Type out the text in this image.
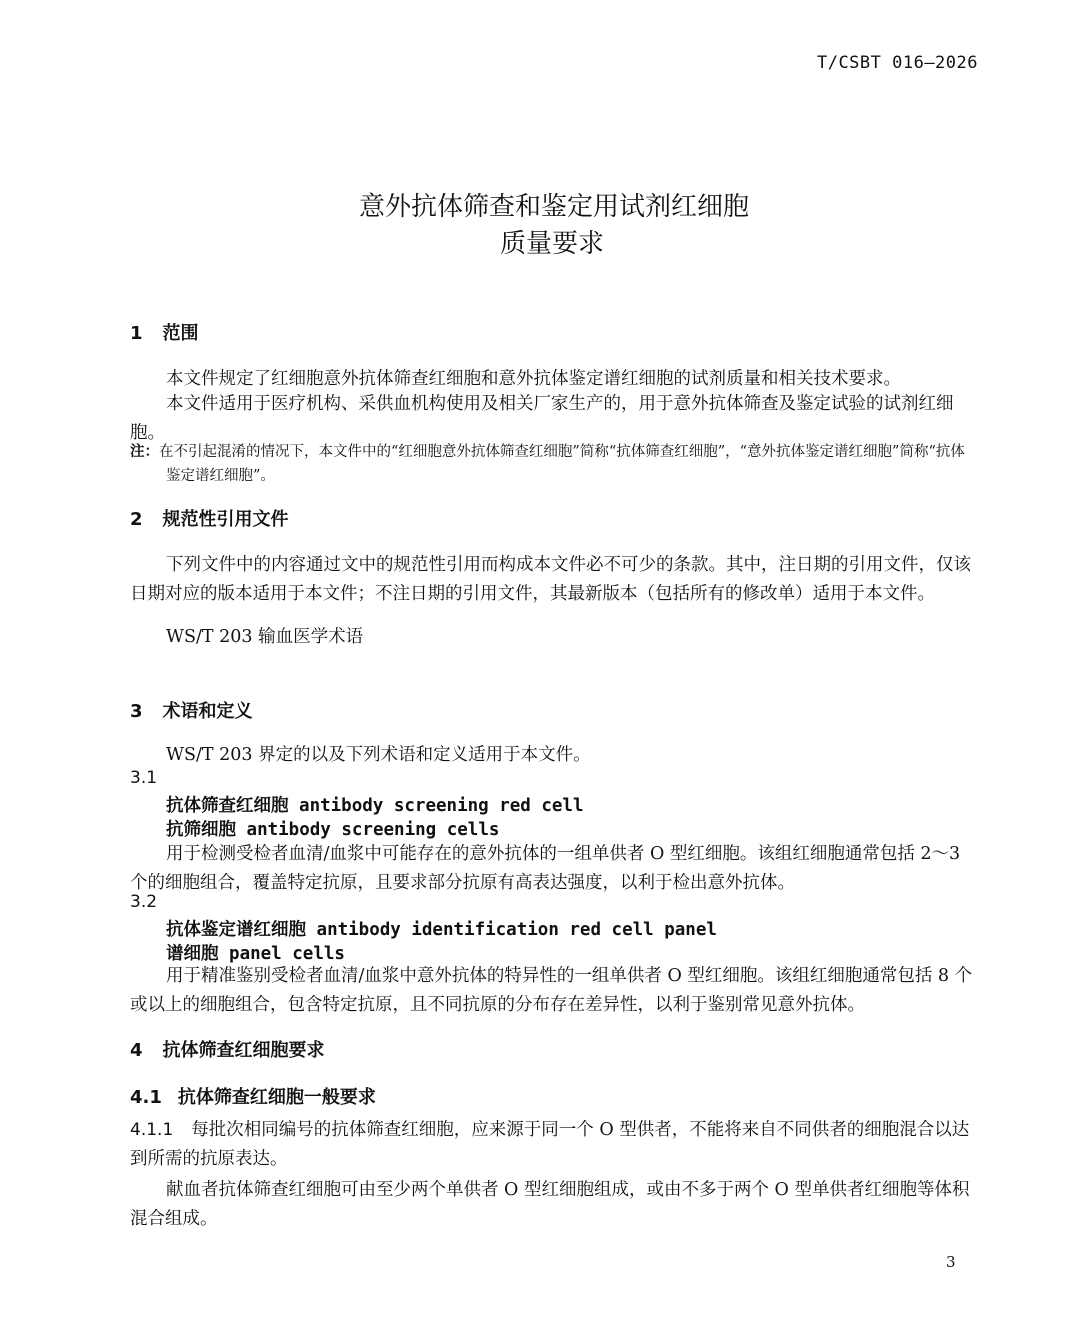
T/CSBT 016—2026
意外抗体筛查和鉴定用试剂红细胞
质量要求
1 范围

本文件规定了红细胞意外抗体筛查红细胞和意外抗体鉴定谱红细胞的试剂质量和相关技术要求。

本文件适用于医疗机构、采供血机构使用及相关厂家生产的，用于意外抗体筛查及鉴定试验的试剂红细胞。

注：在不引起混淆的情况下，本文件中的“红细胞意外抗体筛查红细胞”简称“抗体筛查红细胞”，“意外抗体鉴定谱红细胞”简称“抗体鉴定谱红细胞”。

2 规范性引用文件

下列文件中的内容通过文中的规范性引用而构成本文件必不可少的条款。其中，注日期的引用文件，仅该日期对应的版本适用于本文件；不注日期的引用文件，其最新版本（包括所有的修改单）适用于本文件。

WS/T 203 输血医学术语
3 术语和定义
WS/T 203 界定的以及下列术语和定义适用于本文件。
3.1
抗体筛查红细胞 antibody screening red cell
抗筛细胞 antibody screening cells

用于检测受检者血清/血浆中可能存在的意外抗体的一组单供者 O 型红细胞。该组红细胞通常包括 2～3 个的细胞组合，覆盖特定抗原，且要求部分抗原有高表达强度，以利于检出意外抗体。

3.2
抗体鉴定谱红细胞 antibody identification red cell panel
谱细胞 panel cells

用于精准鉴别受检者血清/血浆中意外抗体的特异性的一组单供者 O 型红细胞。该组红细胞通常包括 8 个或以上的细胞组合，包含特定抗原，且不同抗原的分布存在差异性，以利于鉴别常见意外抗体。

4 抗体筛查红细胞要求
4.1 抗体筛查红细胞一般要求

4.1.1 每批次相同编号的抗体筛查红细胞，应来源于同一个 O 型供者，不能将来自不同供者的细胞混合以达到所需的抗原表达。

献血者抗体筛查红细胞可由至少两个单供者 O 型红细胞组成，或由不多于两个 O 型单供者红细胞等体积混合组成。

3
